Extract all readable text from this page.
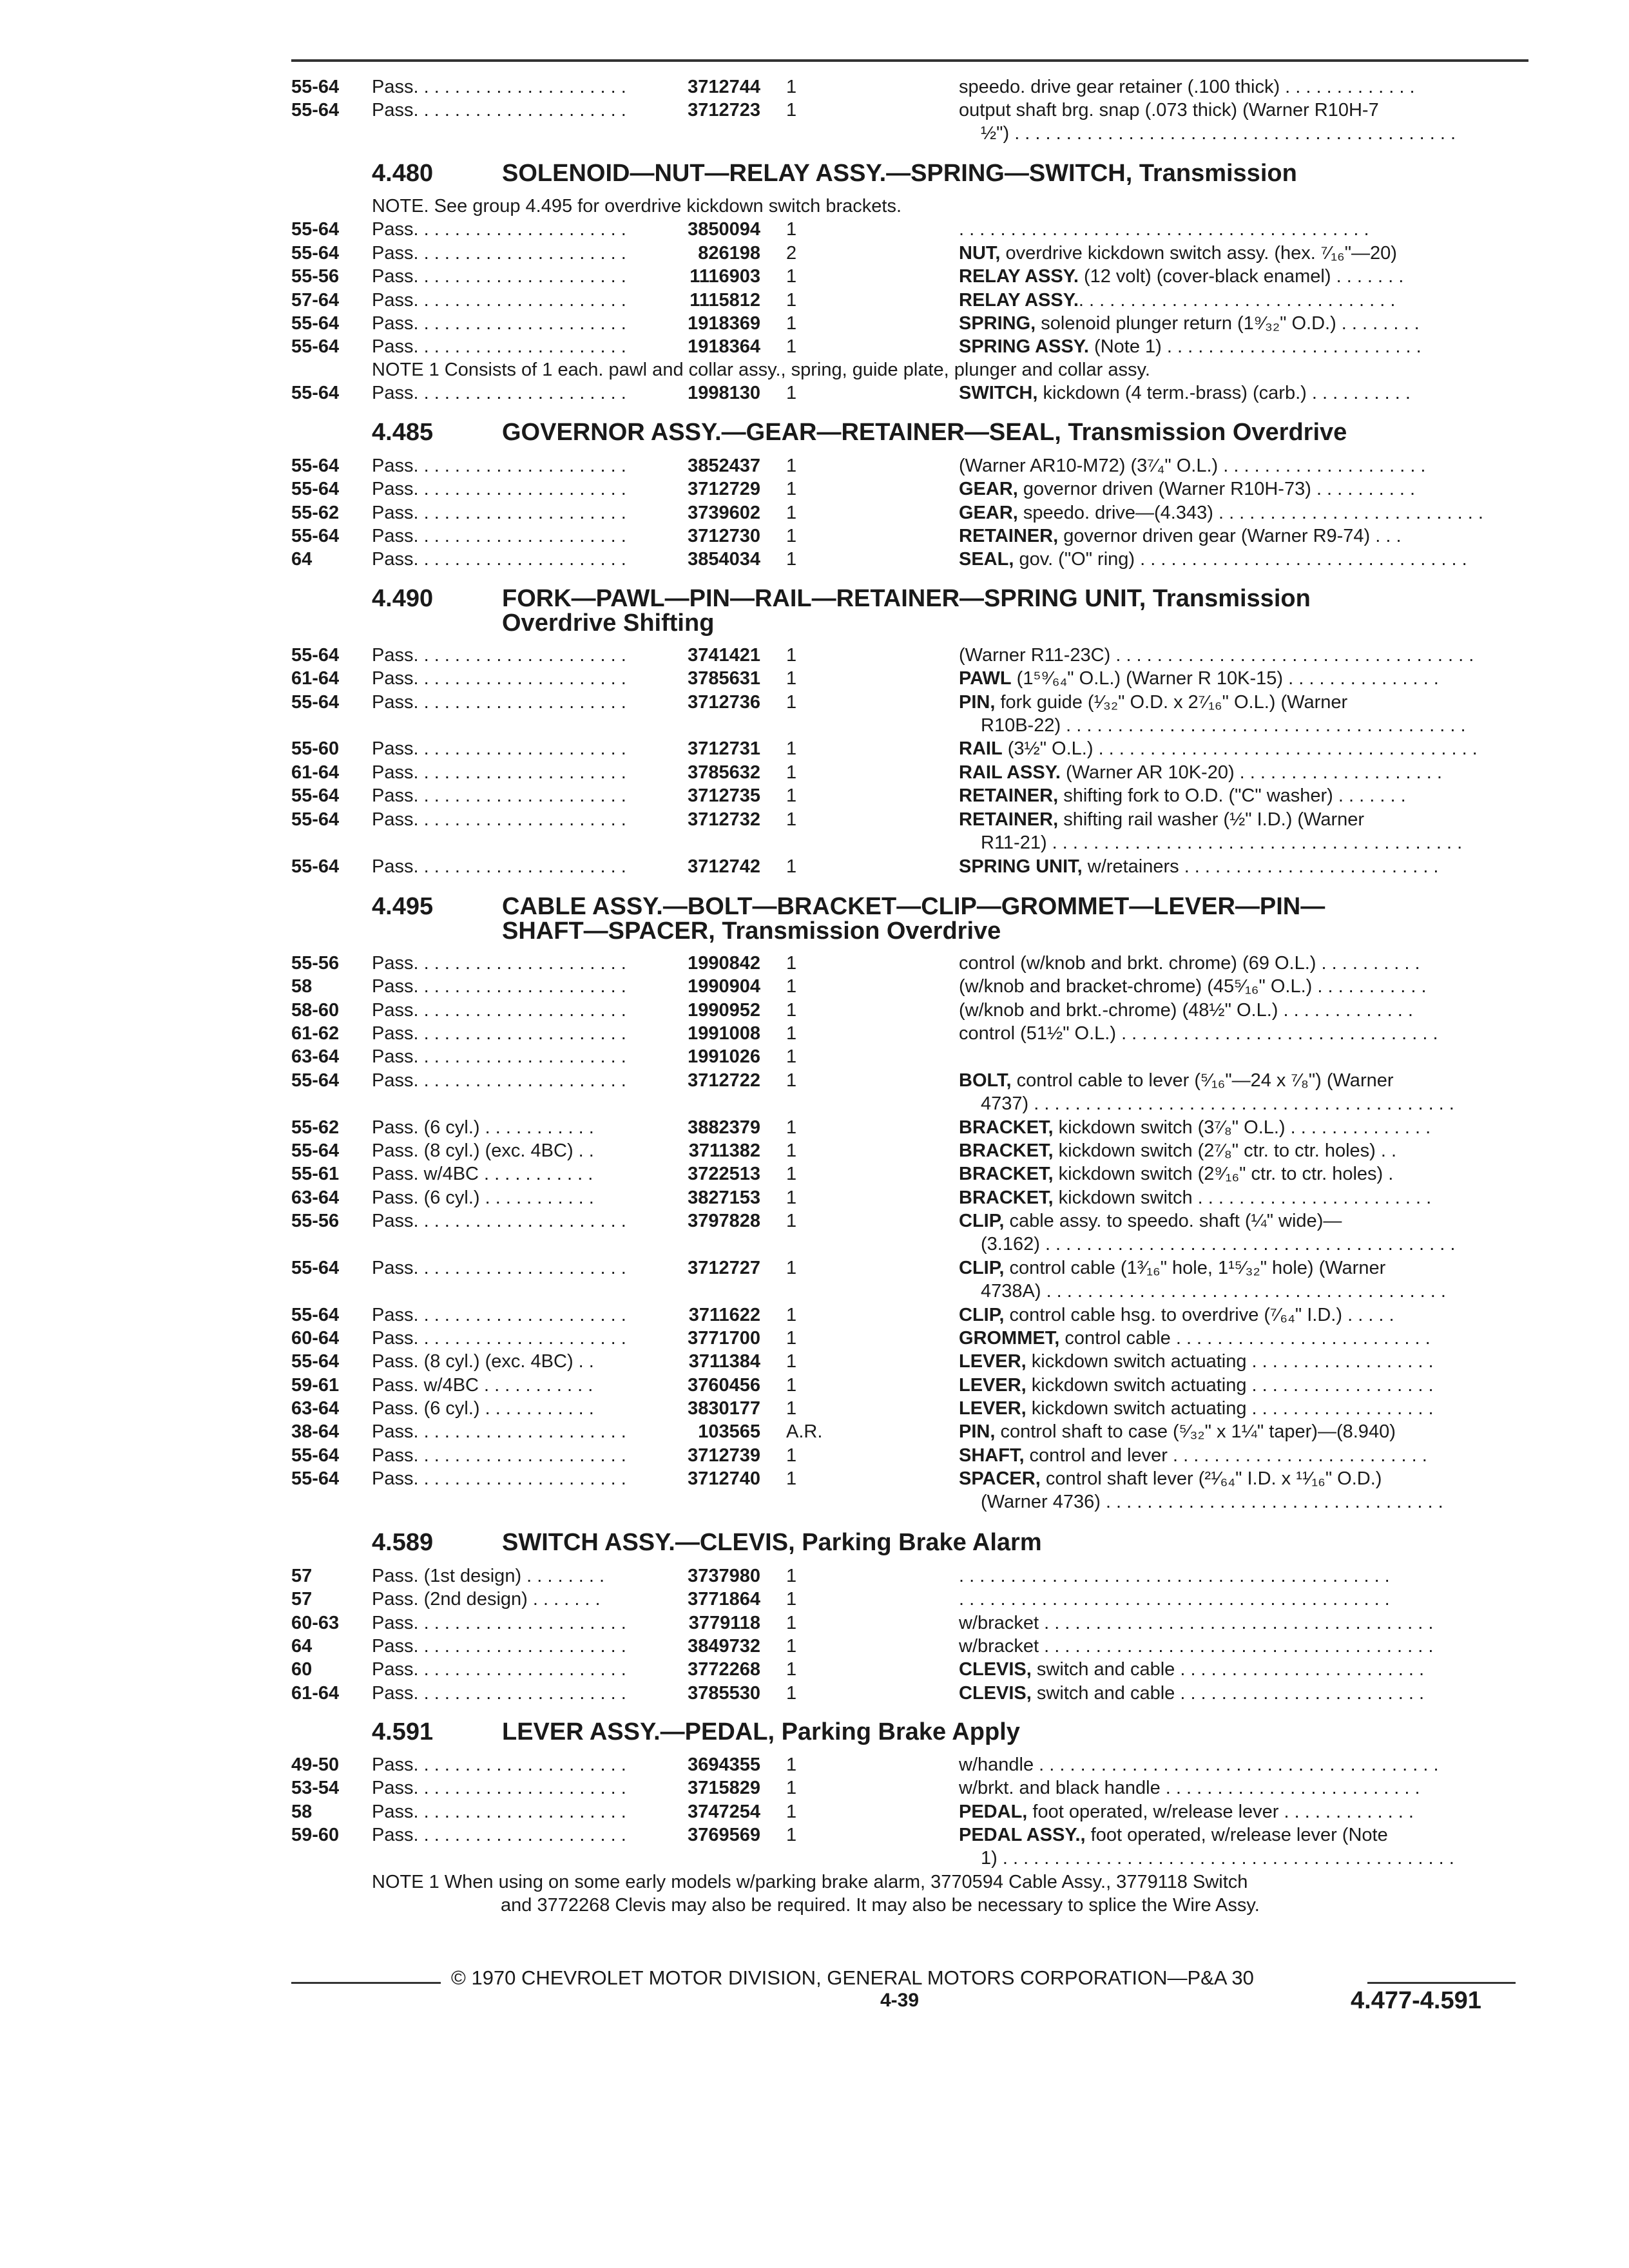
55-64 Pass. . . . . . . . . . . . . . . . . . . . .	3712744 1	speedo. drive gear retainer (.100 thick) . . . . . . . . . . . . .
55-64 Pass. . . . . . . . . . . . . . . . . . . . .	3712723 1	output shaft brg. snap (.073 thick) (Warner R10H-7
½") . . . . . . . . . . . . . . . . . . . . . . . . . . . . . . . . . . . . . . . . . . .
4.480	SOLENOID—NUT—RELAY ASSY.—SPRING—SWITCH, Transmission
NOTE. See group 4.495 for overdrive kickdown switch brackets.
55-64 Pass. . . . . . . . . . . . . . . . . . . . .	3850094 1	. . . . . . . . . . . . . . . . . . . . . . . . . . . . . . . . . . . . . . . .
55-64 Pass. . . . . . . . . . . . . . . . . . . . .	826198 2	NUT, overdrive kickdown switch assy. (hex. ⁷⁄₁₆"—20)
55-56 Pass. . . . . . . . . . . . . . . . . . . . .	1116903 1	RELAY ASSY. (12 volt) (cover-black enamel) . . . . . . .
57-64 Pass. . . . . . . . . . . . . . . . . . . . .	1115812 1	RELAY ASSY.. . . . . . . . . . . . . . . . . . . . . . . . . . . . . . .
55-64 Pass. . . . . . . . . . . . . . . . . . . . .	1918369 1	SPRING, solenoid plunger return (1⁹⁄₃₂" O.D.) . . . . . . . .
55-64 Pass. . . . . . . . . . . . . . . . . . . . .	1918364 1	SPRING ASSY. (Note 1) . . . . . . . . . . . . . . . . . . . . . . . . .
NOTE 1 Consists of 1 each. pawl and collar assy., spring, guide plate, plunger and collar assy.
55-64 Pass. . . . . . . . . . . . . . . . . . . . .	1998130 1	SWITCH, kickdown (4 term.-brass) (carb.) . . . . . . . . . .
4.485	GOVERNOR ASSY.—GEAR—RETAINER—SEAL, Transmission Overdrive
55-64 Pass. . . . . . . . . . . . . . . . . . . . .	3852437 1	(Warner AR10-M72) (3⁷⁄₄" O.L.) . . . . . . . . . . . . . . . . . . . .
55-64 Pass. . . . . . . . . . . . . . . . . . . . .	3712729 1	GEAR, governor driven (Warner R10H-73) . . . . . . . . . .
55-62 Pass. . . . . . . . . . . . . . . . . . . . .	3739602 1	GEAR, speedo. drive—(4.343) . . . . . . . . . . . . . . . . . . . . . . . . . .
55-64 Pass. . . . . . . . . . . . . . . . . . . . .	3712730 1	RETAINER, governor driven gear (Warner R9-74) . . .
64	Pass. . . . . . . . . . . . . . . . . . . . .	3854034 1	SEAL, gov. ("O" ring) . . . . . . . . . . . . . . . . . . . . . . . . . . . . . . . .
4.490	FORK—PAWL—PIN—RAIL—RETAINER—SPRING UNIT, Transmission
Overdrive Shifting
55-64 Pass. . . . . . . . . . . . . . . . . . . . .	3741421 1	(Warner R11-23C) . . . . . . . . . . . . . . . . . . . . . . . . . . . . . . . . . . .
61-64 Pass. . . . . . . . . . . . . . . . . . . . .	3785631 1	PAWL (1⁵⁹⁄₆₄" O.L.) (Warner R 10K-15) . . . . . . . . . . . . . . .
55-64 Pass. . . . . . . . . . . . . . . . . . . . .	3712736 1	PIN, fork guide (¹⁄₃₂" O.D. x 2⁷⁄₁₆" O.L.) (Warner
R10B-22) . . . . . . . . . . . . . . . . . . . . . . . . . . . . . . . . . . . . . . .
55-60 Pass. . . . . . . . . . . . . . . . . . . . .	3712731 1	RAIL (3½" O.L.) . . . . . . . . . . . . . . . . . . . . . . . . . . . . . . . . . . . . .
61-64 Pass. . . . . . . . . . . . . . . . . . . . .	3785632 1	RAIL ASSY. (Warner AR 10K-20) . . . . . . . . . . . . . . . . . . . .
55-64 Pass. . . . . . . . . . . . . . . . . . . . .	3712735 1	RETAINER, shifting fork to O.D. ("C" washer) . . . . . . .
55-64 Pass. . . . . . . . . . . . . . . . . . . . .	3712732 1	RETAINER, shifting rail washer (½" I.D.) (Warner
R11-21) . . . . . . . . . . . . . . . . . . . . . . . . . . . . . . . . . . . . . . . .
55-64 Pass. . . . . . . . . . . . . . . . . . . . .	3712742 1	SPRING UNIT, w/retainers . . . . . . . . . . . . . . . . . . . . . . . . .
4.495	CABLE ASSY.—BOLT—BRACKET—CLIP—GROMMET—LEVER—PIN—
SHAFT—SPACER, Transmission Overdrive
55-56 Pass. . . . . . . . . . . . . . . . . . . . .	1990842 1	control (w/knob and brkt. chrome) (69 O.L.) . . . . . . . . . .
58	Pass. . . . . . . . . . . . . . . . . . . . .	1990904 1	(w/knob and bracket-chrome) (45⁵⁄₁₆" O.L.) . . . . . . . . . . .
58-60 Pass. . . . . . . . . . . . . . . . . . . . .	1990952 1	(w/knob and brkt.-chrome) (48½" O.L.) . . . . . . . . . . . . .
61-62 Pass. . . . . . . . . . . . . . . . . . . . .	1991008 1	control (51½" O.L.) . . . . . . . . . . . . . . . . . . . . . . . . . . . . . . .
63-64 Pass. . . . . . . . . . . . . . . . . . . . .	1991026 1
55-64 Pass. . . . . . . . . . . . . . . . . . . . .	3712722 1	BOLT, control cable to lever (⁵⁄₁₆"—24 x ⁷⁄₈") (Warner
4737) . . . . . . . . . . . . . . . . . . . . . . . . . . . . . . . . . . . . . . . . .
55-62 Pass. (6 cyl.) . . . . . . . . . . .	3882379 1	BRACKET, kickdown switch (3⁷⁄₈" O.L.) . . . . . . . . . . . . . .
55-64 Pass. (8 cyl.) (exc. 4BC) . .	3711382 1	BRACKET, kickdown switch (2⁷⁄₈" ctr. to ctr. holes) . .
55-61 Pass. w/4BC . . . . . . . . . . .	3722513 1	BRACKET, kickdown switch (2⁹⁄₁₆" ctr. to ctr. holes) .
63-64 Pass. (6 cyl.) . . . . . . . . . . .	3827153 1	BRACKET, kickdown switch . . . . . . . . . . . . . . . . . . . . . . .
55-56 Pass. . . . . . . . . . . . . . . . . . . . .	3797828 1	CLIP, cable assy. to speedo. shaft (¼" wide)—
(3.162) . . . . . . . . . . . . . . . . . . . . . . . . . . . . . . . . . . . . . . . .
55-64 Pass. . . . . . . . . . . . . . . . . . . . .	3712727 1	CLIP, control cable (1³⁄₁₆" hole, 1¹⁵⁄₃₂" hole) (Warner
4738A) . . . . . . . . . . . . . . . . . . . . . . . . . . . . . . . . . . . . . . .
55-64 Pass. . . . . . . . . . . . . . . . . . . . .	3711622 1	CLIP, control cable hsg. to overdrive (⁷⁄₆₄" I.D.) . . . . .
60-64 Pass. . . . . . . . . . . . . . . . . . . . .	3771700 1	GROMMET, control cable . . . . . . . . . . . . . . . . . . . . . . . . .
55-64 Pass. (8 cyl.) (exc. 4BC) . .	3711384 1	LEVER, kickdown switch actuating . . . . . . . . . . . . . . . . . .
59-61 Pass. w/4BC . . . . . . . . . . .	3760456 1	LEVER, kickdown switch actuating . . . . . . . . . . . . . . . . . .
63-64 Pass. (6 cyl.) . . . . . . . . . . .	3830177 1	LEVER, kickdown switch actuating . . . . . . . . . . . . . . . . . .
38-64 Pass. . . . . . . . . . . . . . . . . . . . .	103565 A.R.	PIN, control shaft to case (⁵⁄₃₂" x 1¼" taper)—(8.940)
55-64 Pass. . . . . . . . . . . . . . . . . . . . .	3712739 1	SHAFT, control and lever . . . . . . . . . . . . . . . . . . . . . . . . .
55-64 Pass. . . . . . . . . . . . . . . . . . . . .	3712740 1	SPACER, control shaft lever (²¹⁄₆₄" I.D. x ¹¹⁄₁₆" O.D.)
(Warner 4736) . . . . . . . . . . . . . . . . . . . . . . . . . . . . . . . . .
4.589	SWITCH ASSY.—CLEVIS, Parking Brake Alarm
57	Pass. (1st design) . . . . . . . .	3737980 1	. . . . . . . . . . . . . . . . . . . . . . . . . . . . . . . . . . . . . . . . . .
57	Pass. (2nd design) . . . . . . .	3771864 1	. . . . . . . . . . . . . . . . . . . . . . . . . . . . . . . . . . . . . . . . . .
60-63 Pass. . . . . . . . . . . . . . . . . . . . .	3779118 1	w/bracket . . . . . . . . . . . . . . . . . . . . . . . . . . . . . . . . . . . . . .
64	Pass. . . . . . . . . . . . . . . . . . . . .	3849732 1	w/bracket . . . . . . . . . . . . . . . . . . . . . . . . . . . . . . . . . . . . . .
60	Pass. . . . . . . . . . . . . . . . . . . . .	3772268 1	CLEVIS, switch and cable . . . . . . . . . . . . . . . . . . . . . . . .
61-64 Pass. . . . . . . . . . . . . . . . . . . . .	3785530 1	CLEVIS, switch and cable . . . . . . . . . . . . . . . . . . . . . . . .
4.591	LEVER ASSY.—PEDAL, Parking Brake Apply
49-50 Pass. . . . . . . . . . . . . . . . . . . . .	3694355 1	w/handle . . . . . . . . . . . . . . . . . . . . . . . . . . . . . . . . . . . . . . .
53-54 Pass. . . . . . . . . . . . . . . . . . . . .	3715829 1	w/brkt. and black handle . . . . . . . . . . . . . . . . . . . . . . . . .
58	Pass. . . . . . . . . . . . . . . . . . . . .	3747254 1	PEDAL, foot operated, w/release lever . . . . . . . . . . . . .
59-60 Pass. . . . . . . . . . . . . . . . . . . . .	3769569 1	PEDAL ASSY., foot operated, w/release lever (Note
1) . . . . . . . . . . . . . . . . . . . . . . . . . . . . . . . . . . . . . . . . . . . .
NOTE 1 When using on some early models w/parking brake alarm, 3770594 Cable Assy., 3779118 Switch
and 3772268 Clevis may also be required. It may also be necessary to splice the Wire Assy.
© 1970 CHEVROLET MOTOR DIVISION, GENERAL MOTORS CORPORATION—P&A 30
4-39	4.477-4.591
